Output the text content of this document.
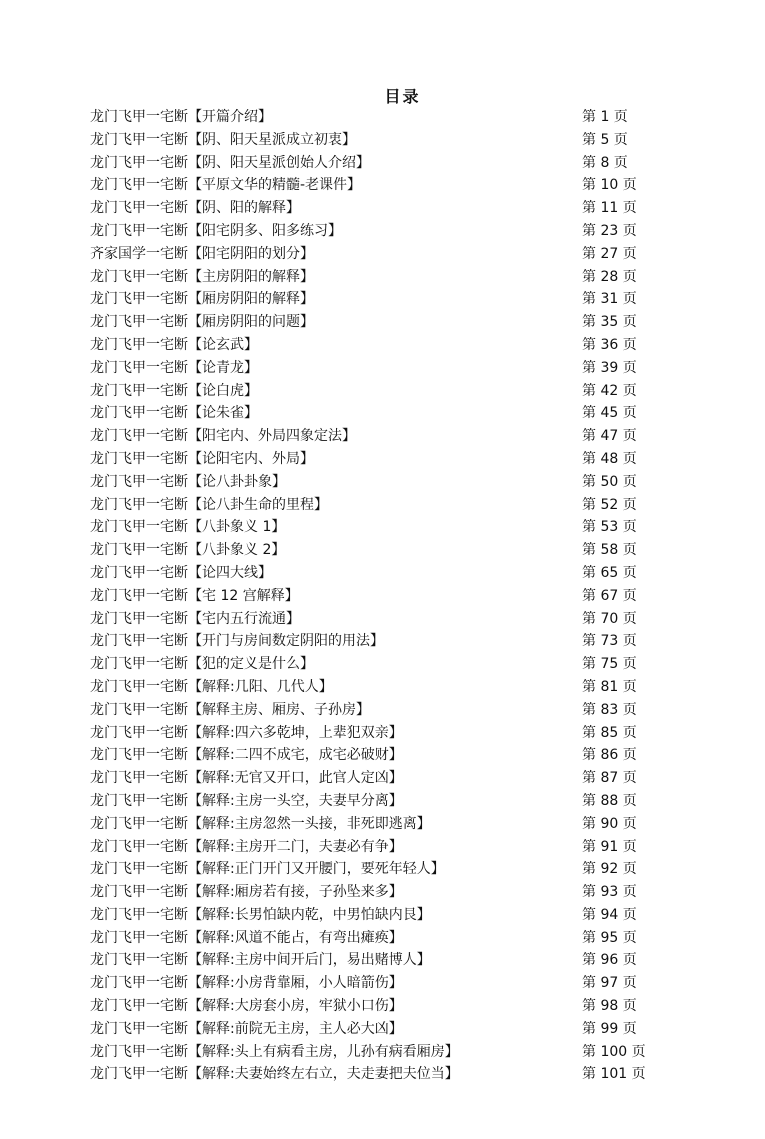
目录
龙门飞甲一宅断【开篇介绍】	第 1 页
龙门飞甲一宅断【阴、阳天星派成立初衷】	第 5 页
龙门飞甲一宅断【阴、阳天星派创始人介绍】	第 8 页
龙门飞甲一宅断【平原文华的精髓-老课件】	第 10 页
龙门飞甲一宅断【阴、阳的解释】	第 11 页
龙门飞甲一宅断【阳宅阴多、阳多练习】	第 23 页
齐家国学一宅断【阳宅阴阳的划分】	第 27 页
龙门飞甲一宅断【主房阴阳的解释】	第 28 页
龙门飞甲一宅断【厢房阴阳的解释】	第 31 页
龙门飞甲一宅断【厢房阴阳的问题】	第 35 页
龙门飞甲一宅断【论玄武】	第 36 页
龙门飞甲一宅断【论青龙】	第 39 页
龙门飞甲一宅断【论白虎】	第 42 页
龙门飞甲一宅断【论朱雀】	第 45 页
龙门飞甲一宅断【阳宅内、外局四象定法】	第 47 页
龙门飞甲一宅断【论阳宅内、外局】	第 48 页
龙门飞甲一宅断【论八卦卦象】	第 50 页
龙门飞甲一宅断【论八卦生命的里程】	第 52 页
龙门飞甲一宅断【八卦象义 1】	第 53 页
龙门飞甲一宅断【八卦象义 2】	第 58 页
龙门飞甲一宅断【论四大线】	第 65 页
龙门飞甲一宅断【宅 12 宫解释】	第 67 页
龙门飞甲一宅断【宅内五行流通】	第 70 页
龙门飞甲一宅断【开门与房间数定阴阳的用法】	第 73 页
龙门飞甲一宅断【犯的定义是什么】	第 75 页
龙门飞甲一宅断【解释:几阳、几代人】	第 81 页
龙门飞甲一宅断【解释主房、厢房、子孙房】	第 83 页
龙门飞甲一宅断【解释:四六多乾坤，上辈犯双亲】	第 85 页
龙门飞甲一宅断【解释:二四不成宅，成宅必破财】	第 86 页
龙门飞甲一宅断【解释:无官又开口，此官人定凶】	第 87 页
龙门飞甲一宅断【解释:主房一头空，夫妻早分离】	第 88 页
龙门飞甲一宅断【解释:主房忽然一头接，非死即逃离】	第 90 页
龙门飞甲一宅断【解释:主房开二门，夫妻必有争】	第 91 页
龙门飞甲一宅断【解释:正门开门又开腰门，要死年轻人】	第 92 页
龙门飞甲一宅断【解释:厢房若有接，子孙坠来多】	第 93 页
龙门飞甲一宅断【解释:长男怕缺内乾，中男怕缺内艮】	第 94 页
龙门飞甲一宅断【解释:风道不能占，有弯出瘫痪】	第 95 页
龙门飞甲一宅断【解释:主房中间开后门，易出赌博人】	第 96 页
龙门飞甲一宅断【解释:小房背靠厢，小人暗箭伤】	第 97 页
龙门飞甲一宅断【解释:大房套小房，牢狱小口伤】	第 98 页
龙门飞甲一宅断【解释:前院无主房，主人必大凶】	第 99 页
龙门飞甲一宅断【解释:头上有病看主房，儿孙有病看厢房】	第 100 页
龙门飞甲一宅断【解释:夫妻始终左右立，夫走妻把夫位当】	第 101 页
